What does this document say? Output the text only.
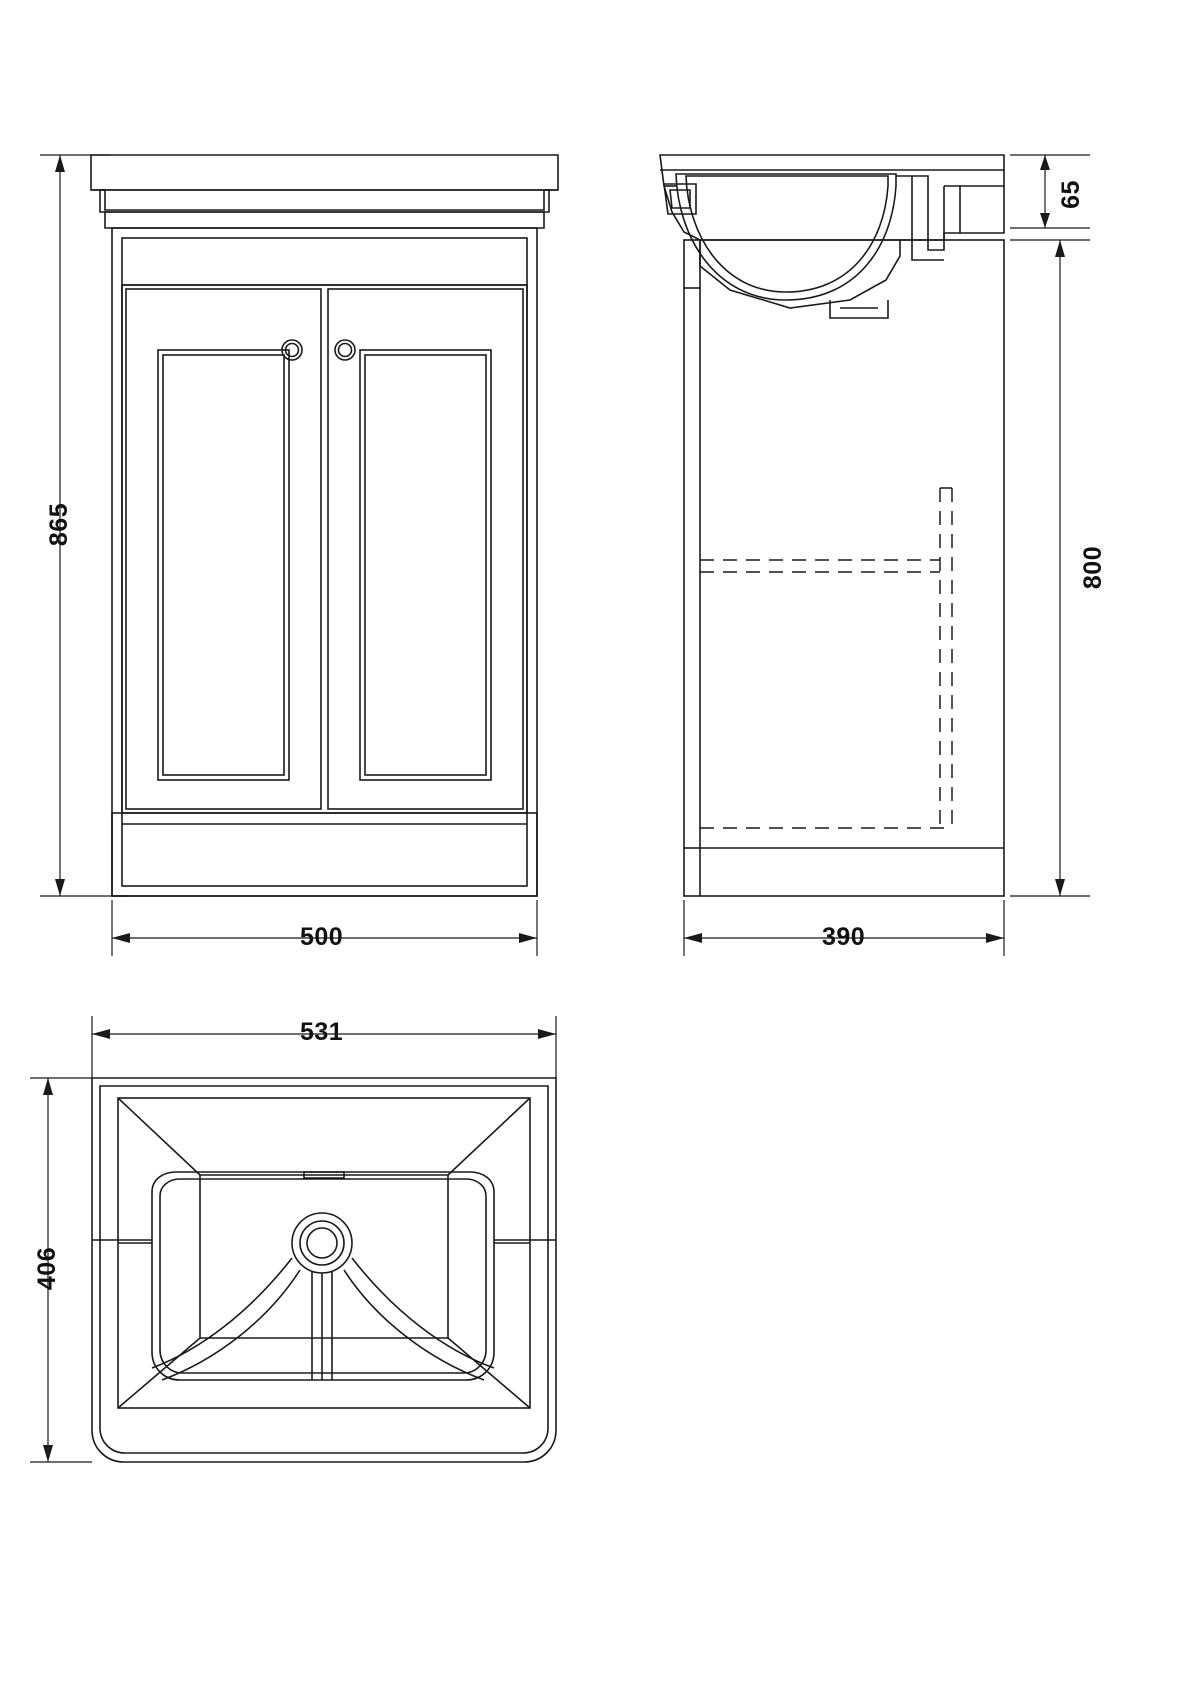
865
500
65
800
390
531
406
